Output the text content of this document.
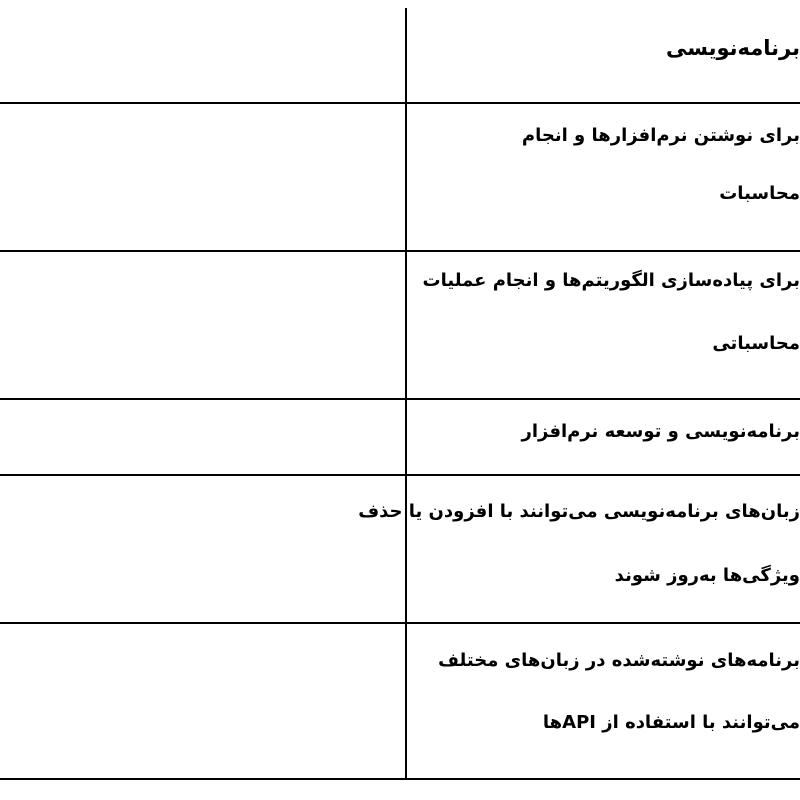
برنامه‌نویسی
برای نوشتن نرم‌افزارها و انجام
محاسبات
برای پیاده‌سازی الگوریتم‌ها و انجام عملیات
محاسباتی
برنامه‌نویسی و توسعه نرم‌افزار
زبان‌های برنامه‌نویسی می‌توانند با افزودن یا حذف
ویژگی‌ها به‌روز شوند
برنامه‌های نوشته‌شده در زبان‌های مختلف
می‌توانند با استفاده از APIها
